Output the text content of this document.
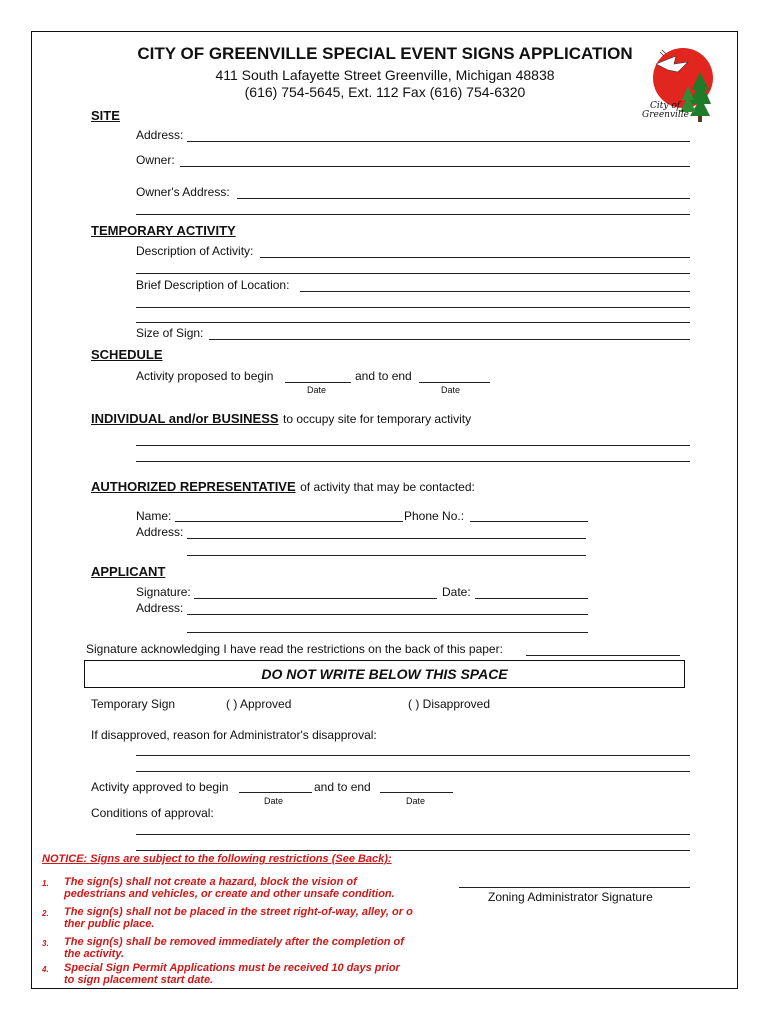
CITY OF GREENVILLE SPECIAL EVENT SIGNS APPLICATION
411 South Lafayette Street Greenville, Michigan 48838
(616) 754-5645, Ext. 112 Fax (616) 754-6320
City of
Greenville
SITE
Address:
Owner:
Owner's Address:
TEMPORARY ACTIVITY
Description of Activity:
Brief Description of Location:
Size of Sign:
SCHEDULE
Activity proposed to begin
Date
and to end
Date
INDIVIDUAL and/or BUSINESS to occupy site for temporary activity
AUTHORIZED REPRESENTATIVE of activity that may be contacted:
Name:	Phone No.:
Address:
APPLICANT
Signature:	Date:
Address:
Signature acknowledging I have read the restrictions on the back of this paper:
DO NOT WRITE BELOW THIS SPACE
Temporary Sign	( ) Approved	( ) Disapproved
If disapproved, reason for Administrator's disapproval:
Activity approved to begin
Date
and to end
Date
Conditions of approval:
NOTICE: Signs are subject to the following restrictions (See Back):
1. The sign(s) shall not create a hazard, block the vision of
pedestrians and vehicles, or create and other unsafe condition.
2. The sign(s) shall not be placed in the street right-of-way, alley, or o
ther public place.
3. The sign(s) shall be removed immediately after the completion of
the activity.
4. Special Sign Permit Applications must be received 10 days prior
to sign placement start date.
Zoning Administrator Signature
